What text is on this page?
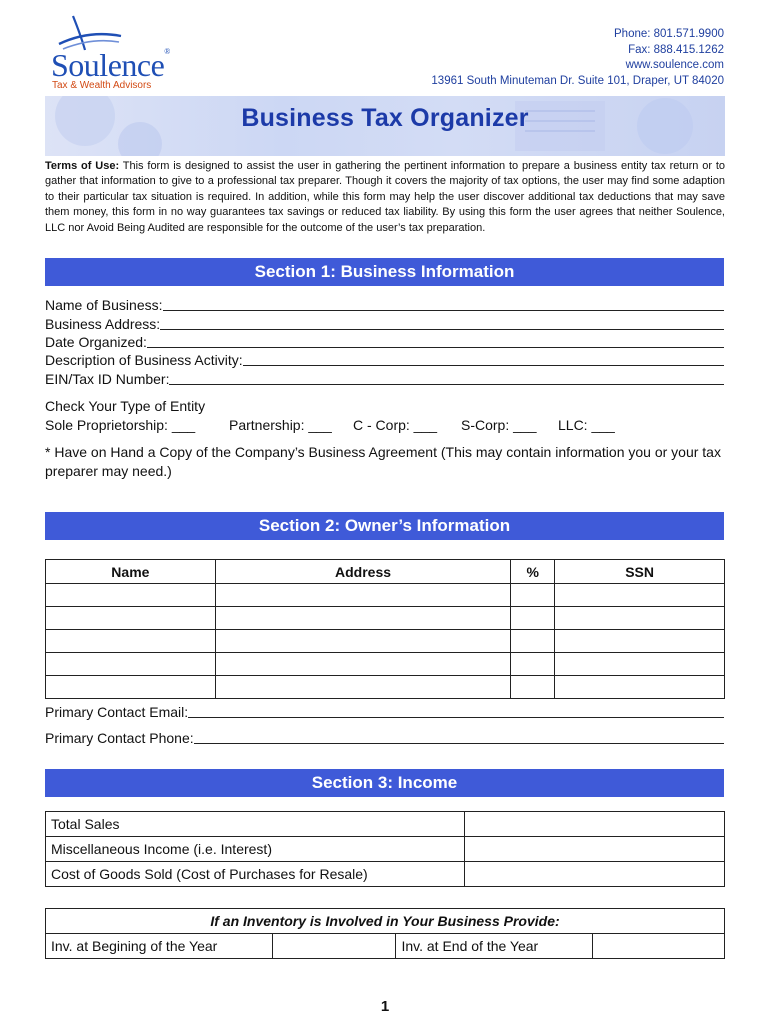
Soulence®
Tax & Wealth Advisors
Phone: 801.571.9900
Fax: 888.415.1262
www.soulence.com
13961 South Minuteman Dr. Suite 101, Draper, UT 84020
Business Tax Organizer
Terms of Use: This form is designed to assist the user in gathering the pertinent information to prepare a business entity tax return or to gather that information to give to a professional tax preparer. Though it covers the majority of tax options, the user may find some adaption to their particular tax situation is required. In addition, while this form may help the user discover additional tax deductions that may save them money, this form in no way guarantees tax savings or reduced tax liability. By using this form the user agrees that neither Soulence, LLC nor Avoid Being Audited are responsible for the outcome of the user’s tax preparation.
Section 1: Business Information
Name of Business:
Business Address:
Date Organized:
Description of Business Activity:
EIN/Tax ID Number:
Check Your Type of Entity
Sole Proprietorship: ___ Partnership: ___ C - Corp: ___ S-Corp: ___ LLC: ___
* Have on Hand a Copy of the Company’s Business Agreement (This may contain information you or your tax preparer may need.)
Section 2: Owner’s Information
Name	Address	%	SSN

Primary Contact Email:
Primary Contact Phone:
Section 3: Income
Total Sales	
Miscellaneous Income (i.e. Interest)	
Cost of Goods Sold (Cost of Purchases for Resale)	
If an Inventory is Involved in Your Business Provide:
Inv. at Begining of the Year		Inv. at End of the Year	
1
